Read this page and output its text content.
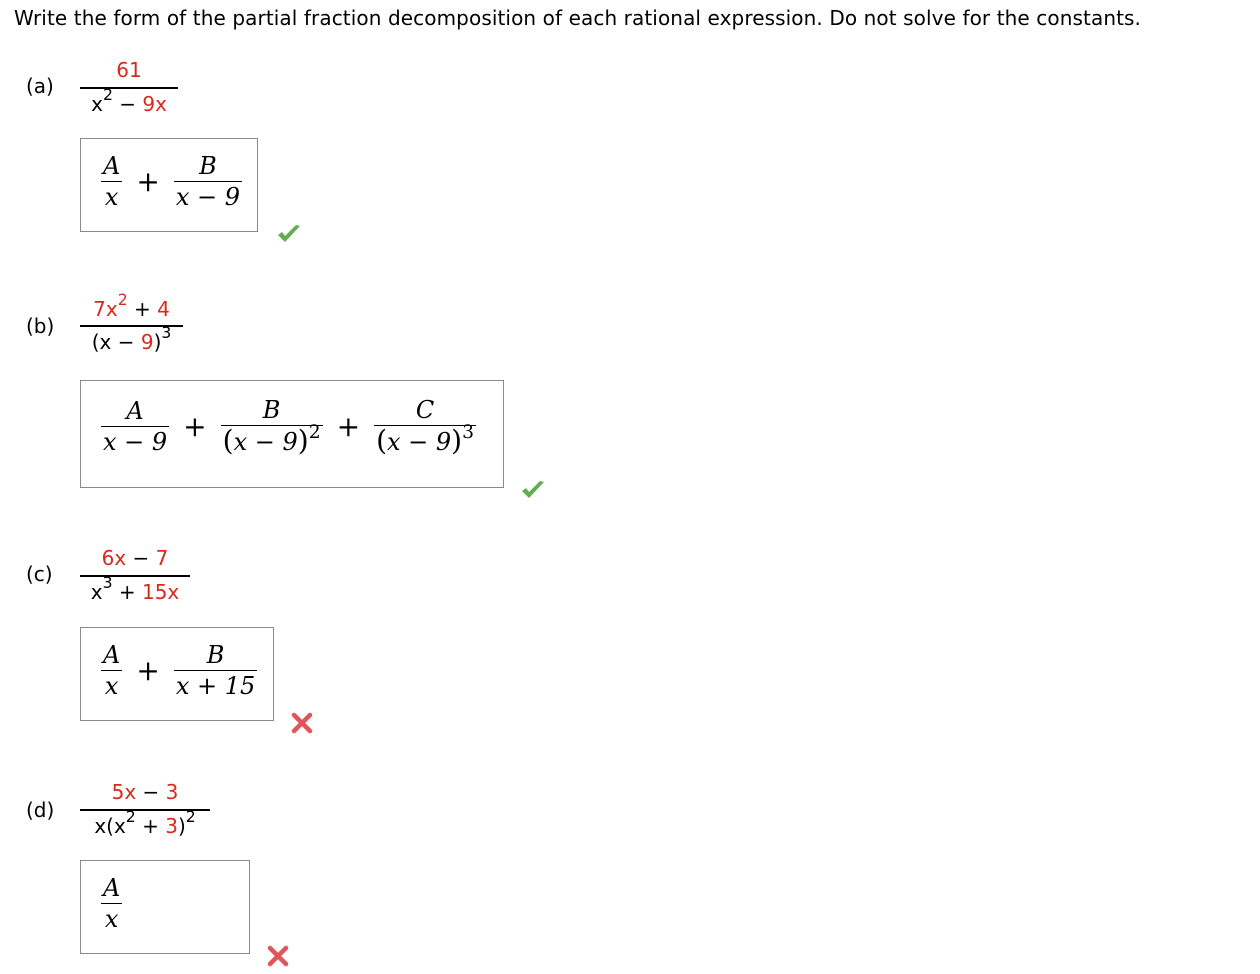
Write the form of the partial fraction decomposition of each rational expression. Do not solve for the constants.
(a)
61
$x^2 - 9x$
A
x +	B
x − 9
(b)
$7x^2 + 4$
$(x - 9)^3$
A
x − 9 +	B
$(x - 9)^2$ +	C
$(x - 9)^3$
(c)
6x − 7
$x^3 + 15x$
A
x +	B
x + 15
(d)
5x − 3
$x(x^2 + 3)^2$
A
x
